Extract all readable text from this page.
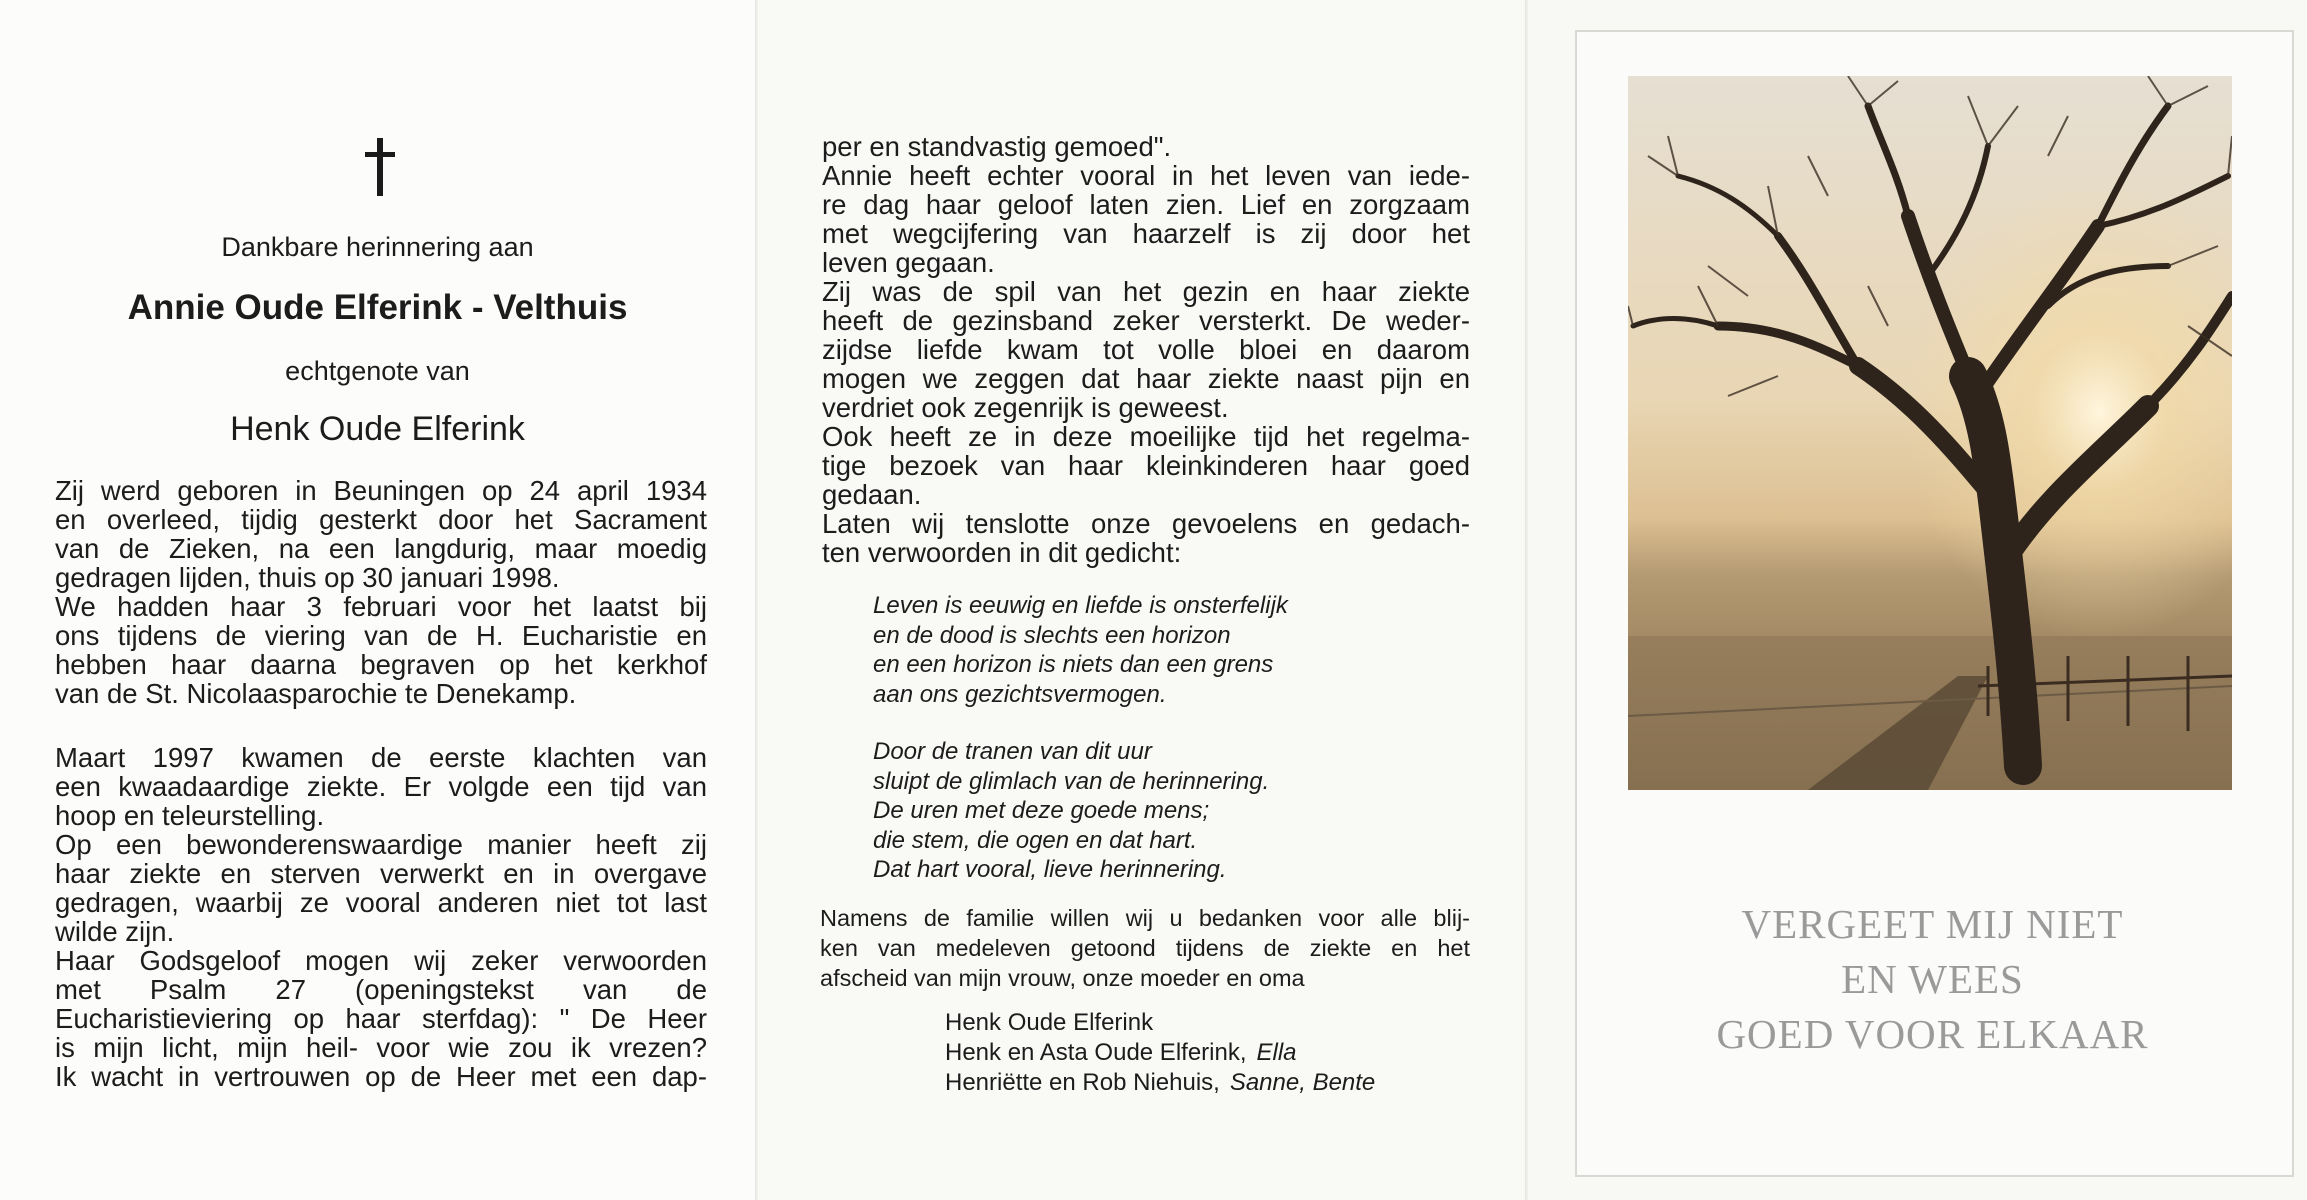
Dankbare herinnering aan
Annie Oude Elferink - Velthuis
echtgenote van
Henk Oude Elferink
Zij werd geboren in Beuningen op 24 april 1934
en overleed, tijdig gesterkt door het Sacrament
van de Zieken, na een langdurig, maar moedig
gedragen lijden, thuis op 30 januari 1998.
We hadden haar 3 februari voor het laatst bij
ons tijdens de viering van de H. Eucharistie en
hebben haar daarna begraven op het kerkhof
van de St. Nicolaasparochie te Denekamp.
Maart 1997 kwamen de eerste klachten van
een kwaadaardige ziekte. Er volgde een tijd van
hoop en teleurstelling.
Op een bewonderenswaardige manier heeft zij
haar ziekte en sterven verwerkt en in overgave
gedragen, waarbij ze vooral anderen niet tot last
wilde zijn.
Haar Godsgeloof mogen wij zeker verwoorden
met Psalm 27 (openingstekst van de
Eucharistieviering op haar sterfdag): " De Heer
is mijn licht, mijn heil- voor wie zou ik vrezen?
Ik wacht in vertrouwen op de Heer met een dap-
per en standvastig gemoed".
Annie heeft echter vooral in het leven van iede-
re dag haar geloof laten zien. Lief en zorgzaam
met wegcijfering van haarzelf is zij door het
leven gegaan.
Zij was de spil van het gezin en haar ziekte
heeft de gezinsband zeker versterkt. De weder-
zijdse liefde kwam tot volle bloei en daarom
mogen we zeggen dat haar ziekte naast pijn en
verdriet ook zegenrijk is geweest.
Ook heeft ze in deze moeilijke tijd het regelma-
tige bezoek van haar kleinkinderen haar goed
gedaan.
Laten wij tenslotte onze gevoelens en gedach-
ten verwoorden in dit gedicht:
Leven is eeuwig en liefde is onsterfelijk
en de dood is slechts een horizon
en een horizon is niets dan een grens
aan ons gezichtsvermogen.
Door de tranen van dit uur
sluipt de glimlach van de herinnering.
De uren met deze goede mens;
die stem, die ogen en dat hart.
Dat hart vooral, lieve herinnering.
Namens de familie willen wij u bedanken voor alle blij-
ken van medeleven getoond tijdens de ziekte en het
afscheid van mijn vrouw, onze moeder en oma
Henk Oude Elferink
Henk en Asta Oude Elferink, Ella
Henriëtte en Rob Niehuis, Sanne, Bente
VERGEET MIJ NIET
EN WEES
GOED VOOR ELKAAR
